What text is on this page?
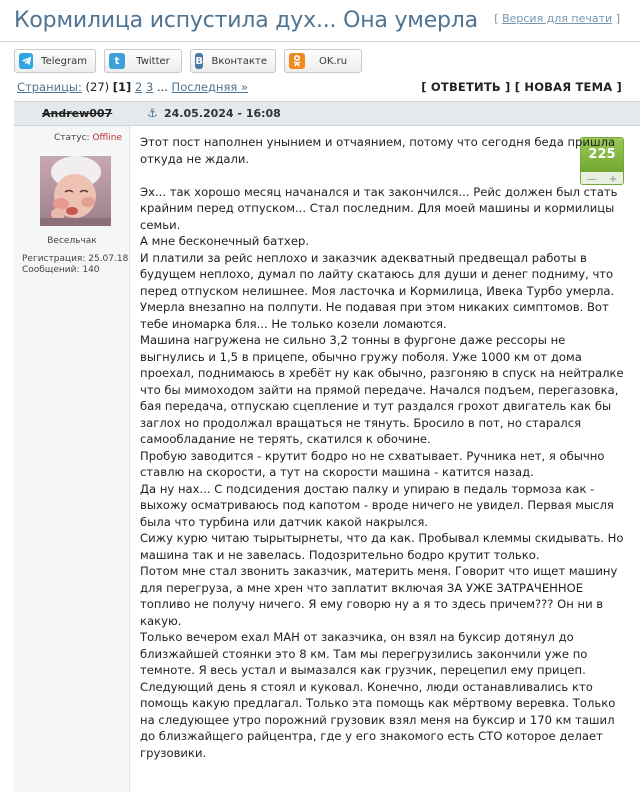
Кормилица испустила дух... Она умерла [ Версия для печати ]
Telegram	t	Twitter	В Вконтакте	OK.ru
Страницы: (27) [1] 2 3 ... Последняя »	[ ОТВЕТИТЬ ] [ НОВАЯ ТЕМА ]
Andrew007	⚓ 24.05.2024 - 16:08
Статус: Offline
Весельчак
Регистрация: 25.07.18
Сообщений: 140
225
— +

Этот пост наполнен унынием и отчаянием, потому что сегодня беда пришла откуда не ждали.

Эх... так хорошо месяц начанался и так закончился... Рейс должен был стать крайним перед отпуском... Стал последним. Для моей машины и кормилицы семьи.

А мне бесконечный батхер.

И платили за рейс неплохо и заказчик адекватный предвещал работы в будущем неплохо, думал по лайту скатаюсь для души и денег подниму, что перед отпуском нелишнее. Моя ласточка и Кормилица, Ивека Турбо умерла. Умерла внезапно на полпути. Не подавая при этом никаких симптомов. Вот тебе иномарка бля... Не только козели ломаются.

Машина нагружена не сильно 3,2 тонны в фургоне даже рессоры не выгнулись и 1,5 в прицепе, обычно гружу поболя. Уже 1000 км от дома проехал, поднимаюсь в хребёт ну как обычно, разгоняю в спуск на нейтралке что бы мимоходом зайти на прямой передаче. Начался подъем, перегазовка, бая передача, отпускаю сцепление и тут раздался грохот двигатель как бы заглох но продолжал вращаться не тянуть. Бросило в пот, но старался самообладание не терять, скатился к обочине.

Пробую заводится - крутит бодро но не схватывает. Ручника нет, я обычно ставлю на скорости, а тут на скорости машина - катится назад.

Да ну нах... С подсидения достаю палку и упираю в педаль тормоза как - выхожу осматриваюсь под капотом - вроде ничего не увидел. Первая мысля была что турбина или датчик какой накрылся.

Сижу курю читаю тырытырнеты, что да как. Пробывал клеммы скидывать. Но машина так и не завелась. Подозрительно бодро крутит только.

Потом мне стал звонить заказчик, материть меня. Говорит что ищет машину для перегруза, а мне хрен что заплатит включая ЗА УЖЕ ЗАТРАЧЕННОЕ топливо не получу ничего. Я ему говорю ну а я то здесь причем??? Он ни в какую.

Только вечером ехал МАН от заказчика, он взял на буксир дотянул до близжайшей стоянки это 8 км. Там мы перегрузились закончили уже по темноте. Я весь устал и вымазался как грузчик, перецепил ему прицеп.

Следующий день я стоял и куковал. Конечно, люди останавливались кто помощь какую предлагал. Только эта помощь как мёртвому веревка. Только на следующее утро порожний грузовик взял меня на буксир и 170 км ташил до близжайщего райцентра, где у его знакомого есть СТО которое делает грузовики.
